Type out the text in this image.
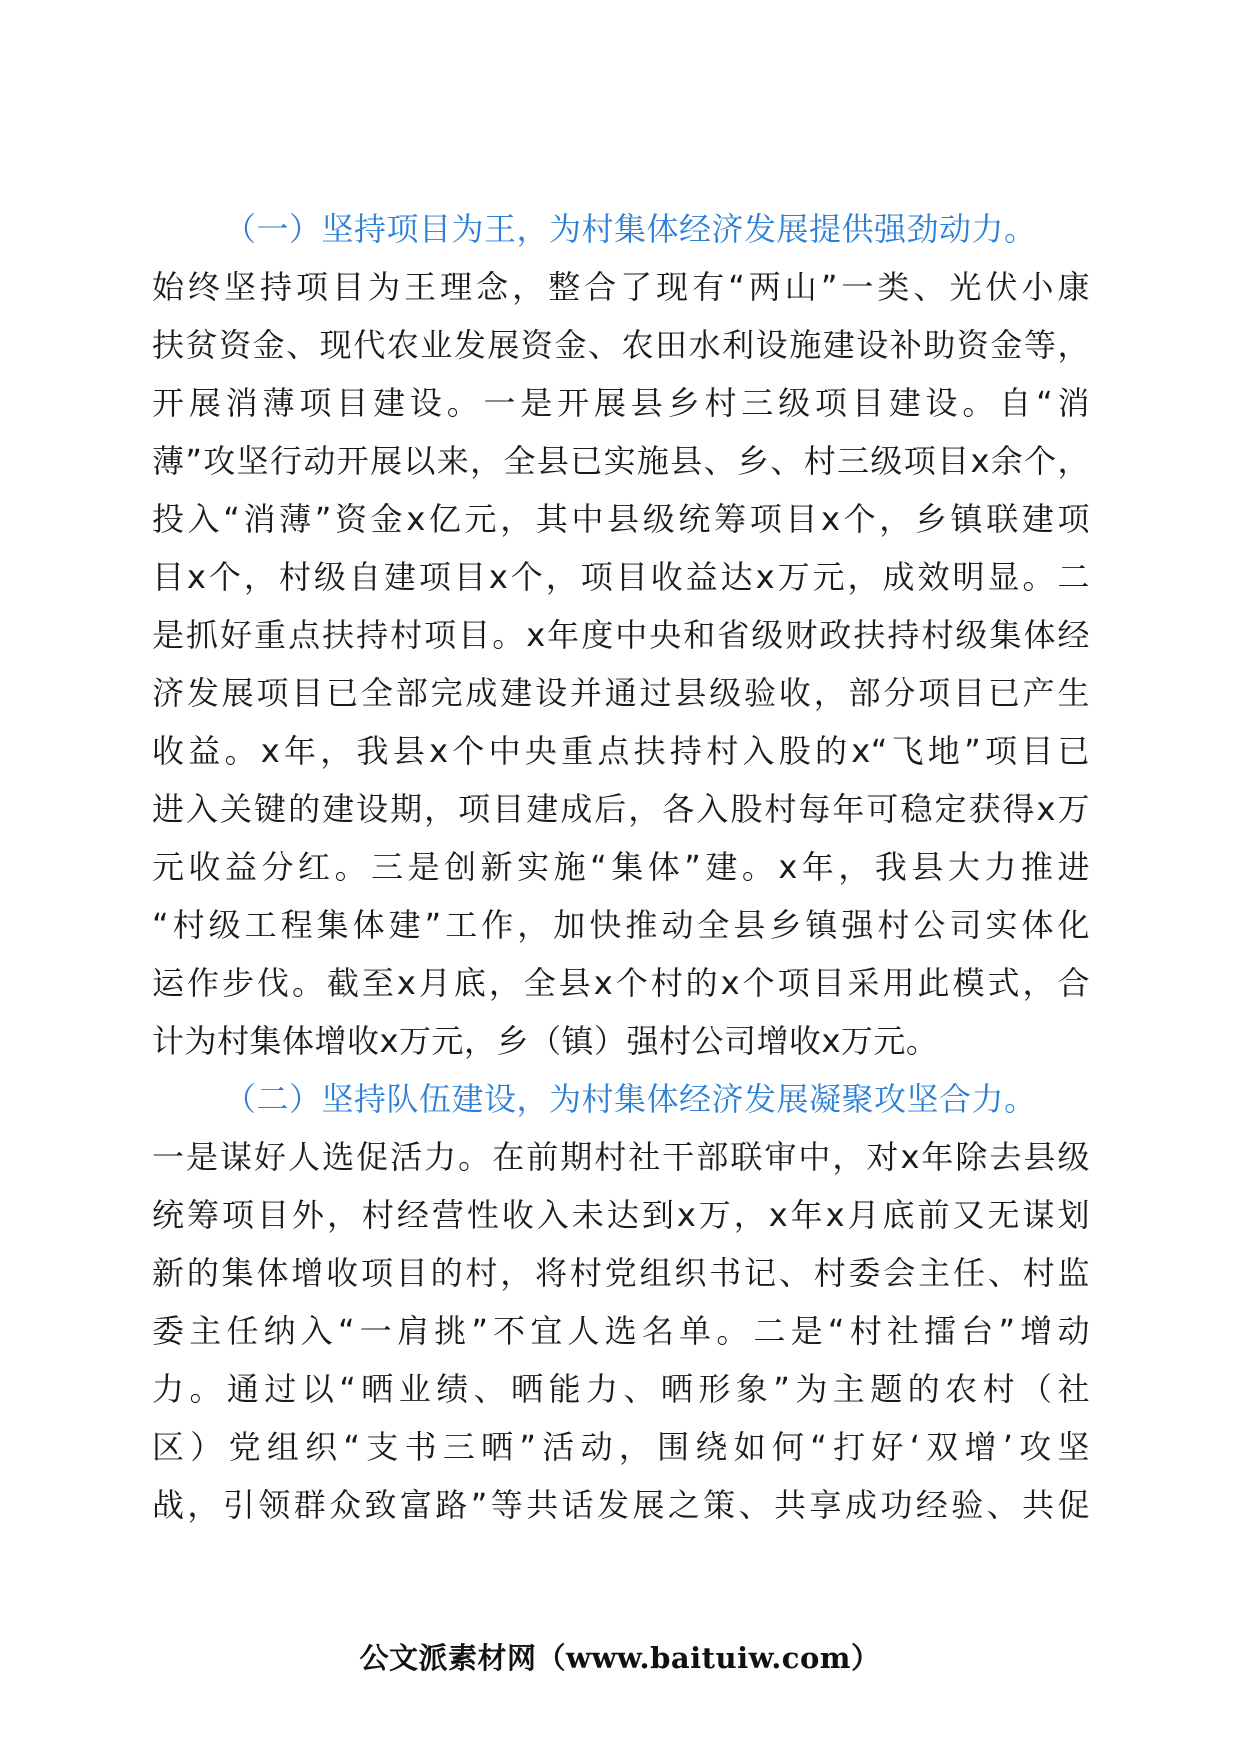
（一）坚持项目为王，为村集体经济发展提供强劲动力。
始终坚持项目为王理念，整合了现有“两山”一类、光伏小康
扶贫资金、现代农业发展资金、农田水利设施建设补助资金等，
开展消薄项目建设。一是开展县乡村三级项目建设。自“消
薄”攻坚行动开展以来，全县已实施县、乡、村三级项目x余个，
投入“消薄”资金x亿元，其中县级统筹项目x个，乡镇联建项
目x个，村级自建项目x个，项目收益达x万元，成效明显。二
是抓好重点扶持村项目。x年度中央和省级财政扶持村级集体经
济发展项目已全部完成建设并通过县级验收，部分项目已产生
收益。x年，我县x个中央重点扶持村入股的x“飞地”项目已
进入关键的建设期，项目建成后，各入股村每年可稳定获得x万
元收益分红。三是创新实施“集体”建。x年，我县大力推进
“村级工程集体建”工作，加快推动全县乡镇强村公司实体化
运作步伐。截至x月底，全县x个村的x个项目采用此模式，合
计为村集体增收x万元，乡（镇）强村公司增收x万元。
（二）坚持队伍建设，为村集体经济发展凝聚攻坚合力。
一是谋好人选促活力。在前期村社干部联审中，对x年除去县级
统筹项目外，村经营性收入未达到x万，x年x月底前又无谋划
新的集体增收项目的村，将村党组织书记、村委会主任、村监
委主任纳入“一肩挑”不宜人选名单。二是“村社擂台”增动
力。通过以“晒业绩、晒能力、晒形象”为主题的农村（社
区）党组织“支书三晒”活动，围绕如何“打好‘双增’攻坚
战，引领群众致富路”等共话发展之策、共享成功经验、共促
公文派素材网（www.baituiw.com）
